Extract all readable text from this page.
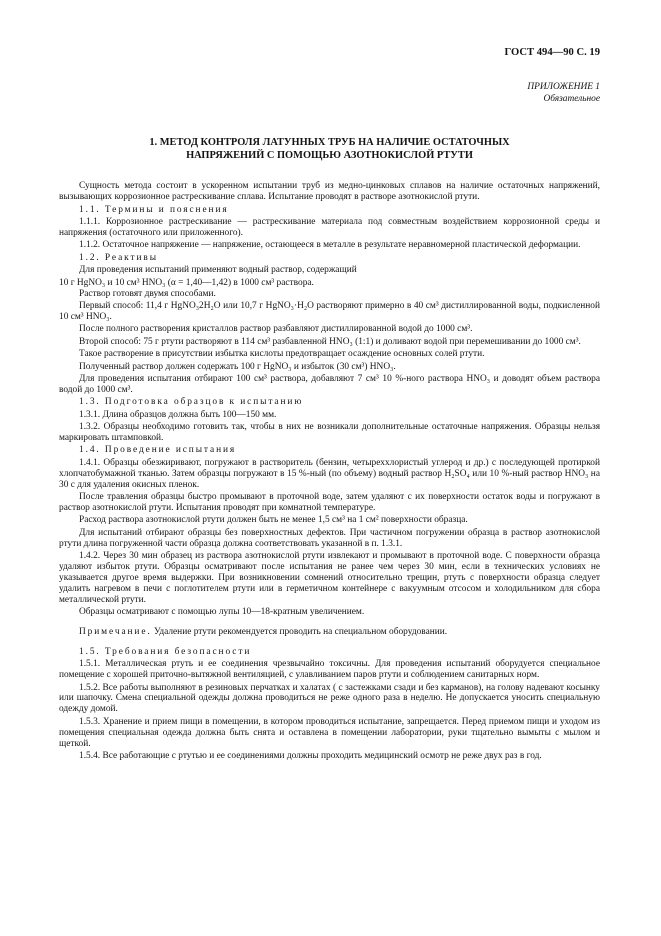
ГОСТ 494—90 С. 19
ПРИЛОЖЕНИЕ 1
Обязательное
1. МЕТОД КОНТРОЛЯ ЛАТУННЫХ ТРУБ НА НАЛИЧИЕ ОСТАТОЧНЫХ
НАПРЯЖЕНИЙ С ПОМОЩЬЮ АЗОТНОКИСЛОЙ РТУТИ

Сущность метода состоит в ускоренном испытании труб из медно-цинковых сплавов на наличие остаточных напряжений, вызывающих коррозионное растрескивание сплава. Испытание проводят в растворе азотнокислой ртути.

1.1. Термины и пояснения

1.1.1. Коррозионное растрескивание — растрескивание материала под совместным воздействием коррозионной среды и напряжения (остаточного или приложенного).

1.1.2. Остаточное напряжение — напряжение, остающееся в металле в результате неравномерной пластической деформации.

1.2. Реактивы

Для проведения испытаний применяют водный раствор, содержащий

10 г HgNO₃ и 10 см³ HNO₃ (α = 1,40—1,42) в 1000 см³ раствора.

Раствор готовят двумя способами.

Первый способ: 11,4 г HgNO₃2H₂O или 10,7 г HgNO₃·H₂O растворяют примерно в 40 см³ дистиллированной воды, подкисленной 10 см³ HNO₃.

После полного растворения кристаллов раствор разбавляют дистиллированной водой до 1000 см³.

Второй способ: 75 г ртути растворяют в 114 см³ разбавленной HNO₃ (1:1) и доливают водой при перемешивании до 1000 см³.

Такое растворение в присутствии избытка кислоты предотвращает осаждение основных солей ртути.

Полученный раствор должен содержать 100 г HgNO₃ и избыток (30 см³) HNO₃.

Для проведения испытания отбирают 100 см³ раствора, добавляют 7 см³ 10 %-ного раствора HNO₃ и доводят объем раствора водой до 1000 см³.

1.3. Подготовка образцов к испытанию

1.3.1. Длина образцов должна быть 100—150 мм.

1.3.2. Образцы необходимо готовить так, чтобы в них не возникали дополнительные остаточные напряжения. Образцы нельзя маркировать штамповкой.

1.4. Проведение испытания

1.4.1. Образцы обезжиривают, погружают в растворитель (бензин, четыреххлористый углерод и др.) с последующей протиркой хлопчатобумажной тканью. Затем образцы погружают в 15 %-ный (по объему) водный раствор H₂SO₄ или 10 %-ный раствор HNO₃ на 30 с для удаления окисных пленок.

После травления образцы быстро промывают в проточной воде, затем удаляют с их поверхности остаток воды и погружают в раствор азотнокислой ртути. Испытания проводят при комнатной температуре.

Расход раствора азотнокислой ртути должен быть не менее 1,5 см³ на 1 см² поверхности образца.

Для испытаний отбирают образцы без поверхностных дефектов. При частичном погружении образца в раствор азотнокислой ртути длина погруженной части образца должна соответствовать указанной в п. 1.3.1.

1.4.2. Через 30 мин образец из раствора азотнокислой ртути извлекают и промывают в проточной воде. С поверхности образца удаляют избыток ртути. Образцы осматривают после испытания не ранее чем через 30 мин, если в технических условиях не указывается другое время выдержки. При возникновении сомнений относительно трещин, ртуть с поверхности образца следует удалить нагревом в печи с поглотителем ртути или в герметичном контейнере с вакуумным отсосом и холодильником для сбора металлической ртути.

Образцы осматривают с помощью лупы 10—18-кратным увеличением.

Примечание. Удаление ртути рекомендуется проводить на специальном оборудовании.

1.5. Требования безопасности

1.5.1. Металлическая ртуть и ее соединения чрезвычайно токсичны. Для проведения испытаний оборудуется специальное помещение с хорошей приточно-вытяжной вентиляцией, с улавливанием паров ртути и соблюдением санитарных норм.

1.5.2. Все работы выполняют в резиновых перчатках и халатах ( с застежками сзади и без карманов), на голову надевают косынку или шапочку. Смена специальной одежды должна проводиться не реже одного раза в неделю. Не допускается уносить специальную одежду домой.

1.5.3. Хранение и прием пищи в помещении, в котором проводиться испытание, запрещается. Перед приемом пищи и уходом из помещения специальная одежда должна быть снята и оставлена в помещении лаборатории, руки тщательно вымыты с мылом и щеткой.

1.5.4. Все работающие с ртутью и ее соединениями должны проходить медицинский осмотр не реже двух раз в год.
